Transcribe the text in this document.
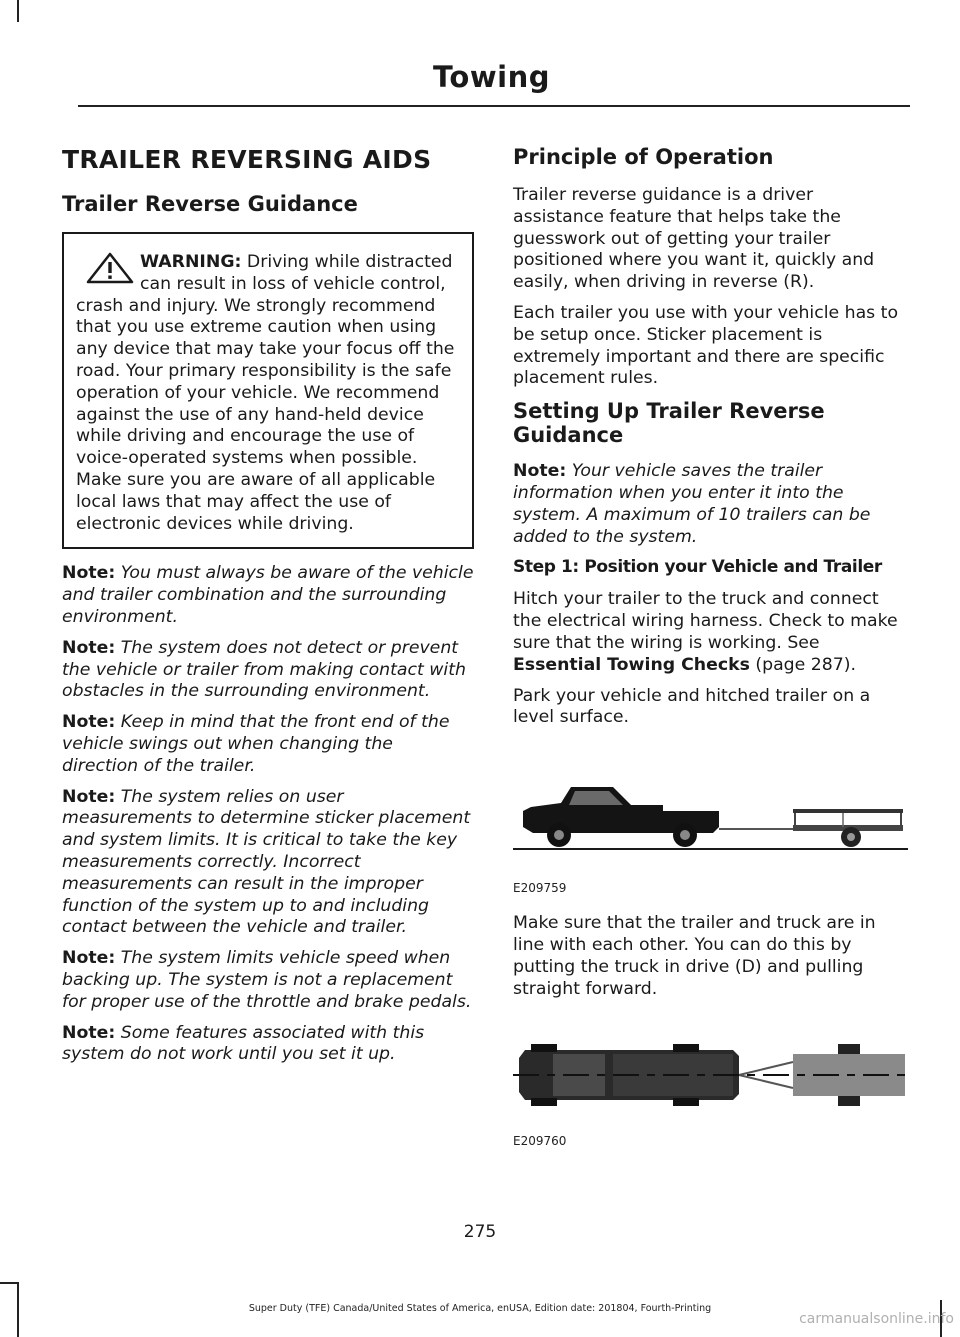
Towing
TRAILER REVERSING AIDS
Trailer Reverse Guidance
WARNING: Driving while distracted can result in loss of vehicle control, crash and injury. We strongly recommend that you use extreme caution when using any device that may take your focus off the road. Your primary responsibility is the safe operation of your vehicle. We recommend against the use of any hand-held device while driving and encourage the use of voice-operated systems when possible. Make sure you are aware of all applicable local laws that may affect the use of electronic devices while driving.

Note: You must always be aware of the vehicle and trailer combination and the surrounding environment.

Note: The system does not detect or prevent the vehicle or trailer from making contact with obstacles in the surrounding environment.

Note: Keep in mind that the front end of the vehicle swings out when changing the direction of the trailer.

Note: The system relies on user measurements to determine sticker placement and system limits. It is critical to take the key measurements correctly. Incorrect measurements can result in the improper function of the system up to and including contact between the vehicle and trailer.

Note: The system limits vehicle speed when backing up. The system is not a replacement for proper use of the throttle and brake pedals.

Note: Some features associated with this system do not work until you set it up.

Principle of Operation

Trailer reverse guidance is a driver assistance feature that helps take the guesswork out of getting your trailer positioned where you want it, quickly and easily, when driving in reverse (R).

Each trailer you use with your vehicle has to be setup once. Sticker placement is extremely important and there are specific placement rules.

Setting Up Trailer Reverse Guidance

Note: Your vehicle saves the trailer information when you enter it into the system. A maximum of 10 trailers can be added to the system.

Step 1: Position your Vehicle and Trailer

Hitch your trailer to the truck and connect the electrical wiring harness. Check to make sure that the wiring is working. See Essential Towing Checks (page 287).

Park your vehicle and hitched trailer on a level surface.

E209759

Make sure that the trailer and truck are in line with each other. You can do this by putting the truck in drive (D) and pulling straight forward.

E209760
275
Super Duty (TFE) Canada/United States of America, enUSA, Edition date: 201804, Fourth-Printing
carmanualsonline.info
